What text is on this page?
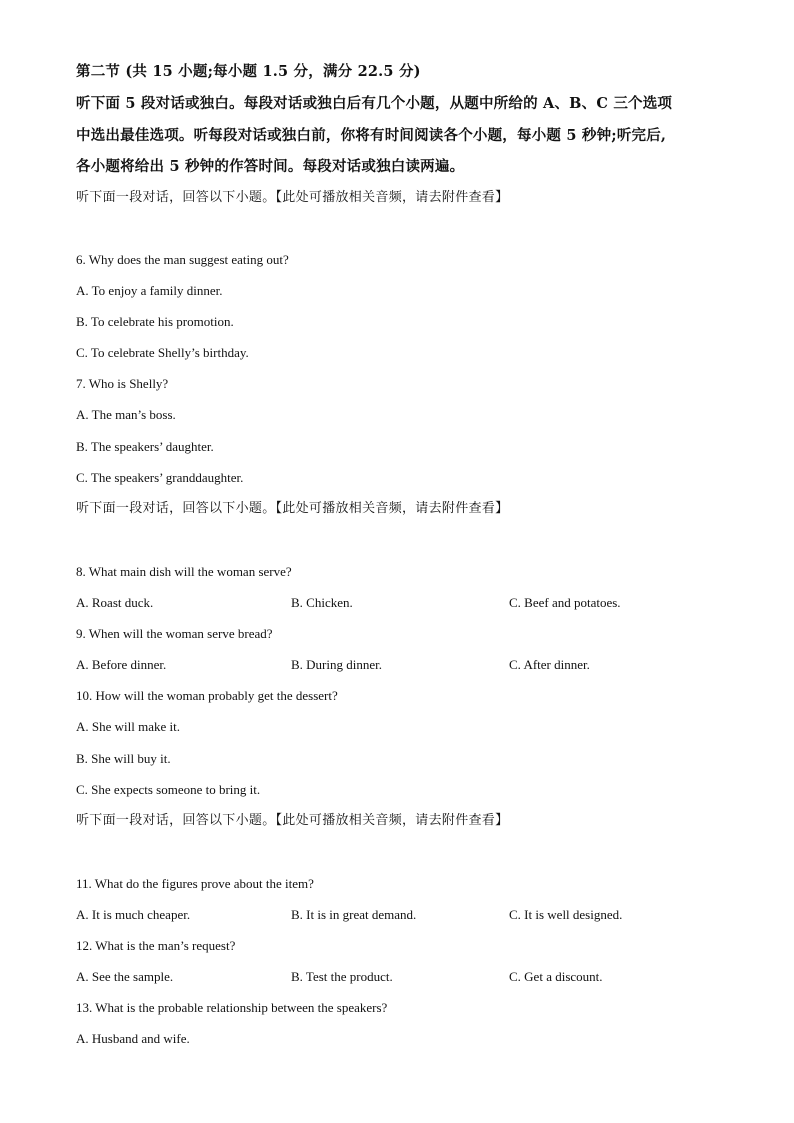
第二节 (共 15 小题;每小题 1.5 分，满分 22.5 分)
听下面 5 段对话或独白。每段对话或独白后有几个小题，从题中所给的 A、B、C 三个选项
中选出最佳选项。听每段对话或独白前，你将有时间阅读各个小题，每小题 5 秒钟;听完后,
各小题将给出 5 秒钟的作答时间。每段对话或独白读两遍。
听下面一段对话，回答以下小题。【此处可播放相关音频，请去附件查看】
6. Why does the man suggest eating out?
A. To enjoy a family dinner.
B. To celebrate his promotion.
C. To celebrate Shelly’s birthday.
7. Who is Shelly?
A. The man’s boss.
B. The speakers’ daughter.
C. The speakers’ granddaughter.
听下面一段对话，回答以下小题。【此处可播放相关音频，请去附件查看】
8. What main dish will the woman serve?
A. Roast duck.	B. Chicken.	C. Beef and potatoes.
9. When will the woman serve bread?
A. Before dinner.	B. During dinner.	C. After dinner.
10. How will the woman probably get the dessert?
A. She will make it.
B. She will buy it.
C. She expects someone to bring it.
听下面一段对话，回答以下小题。【此处可播放相关音频，请去附件查看】
11. What do the figures prove about the item?
A. It is much cheaper.	B. It is in great demand.	C. It is well designed.
12. What is the man’s request?
A. See the sample.	B. Test the product.	C. Get a discount.
13. What is the probable relationship between the speakers?
A. Husband and wife.
